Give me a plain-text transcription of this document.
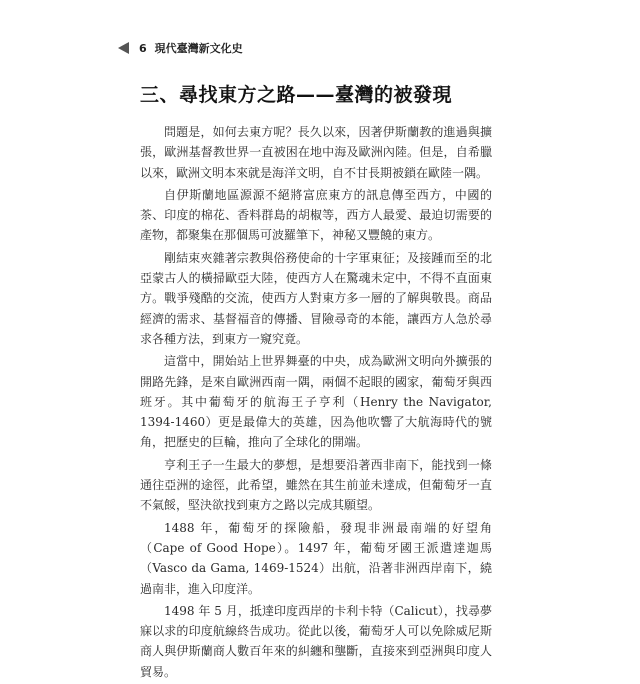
6 現代臺灣新文化史
三、尋找東方之路——臺灣的被發現

問題是，如何去東方呢？長久以來，因著伊斯蘭教的進過與擴張，歐洲基督教世界一直被困在地中海及歐洲內陸。但是，自希臘以來，歐洲文明本來就是海洋文明，自不甘長期被鎖在歐陸一隅。

自伊斯蘭地區源源不絕將富庶東方的訊息傳至西方，中國的茶、印度的棉花、香料群島的胡椒等，西方人最愛、最迫切需要的產物，都聚集在那個馬可波羅筆下，神秘又豐饒的東方。

剛結束夾雜著宗教與俗務使命的十字軍東征；及接踵而至的北亞蒙古人的橫掃歐亞大陸，使西方人在驚魂未定中，不得不直面東方。戰爭殘酷的交流，使西方人對東方多一層的了解與敬畏。商品經濟的需求、基督福音的傳播、冒險尋奇的本能，讓西方人急於尋求各種方法，到東方一窺究竟。

這當中，開始站上世界舞臺的中央，成為歐洲文明向外擴張的開路先鋒，是來自歐洲西南一隅，兩個不起眼的國家，葡萄牙與西班牙。其中葡萄牙的航海王子亨利（Henry the Navigator, 1394-1460）更是最偉大的英雄，因為他吹響了大航海時代的號角，把歷史的巨輪，推向了全球化的開端。

亨利王子一生最大的夢想，是想要沿著西非南下，能找到一條通往亞洲的途徑，此希望，雖然在其生前並未達成，但葡萄牙一直不氣餒，堅決欲找到東方之路以完成其願望。

1488 年，葡萄牙的探險船，發現非洲最南端的好望角（Cape of Good Hope）。1497 年，葡萄牙國王派遣達迦馬（Vasco da Gama, 1469-1524）出航，沿著非洲西岸南下，繞過南非，進入印度洋。

1498 年 5 月，抵達印度西岸的卡利卡特（Calicut），找尋夢寐以求的印度航線終告成功。從此以後，葡萄牙人可以免除威尼斯商人與伊斯蘭商人數百年來的糾纏和壟斷，直接來到亞洲與印度人貿易。
